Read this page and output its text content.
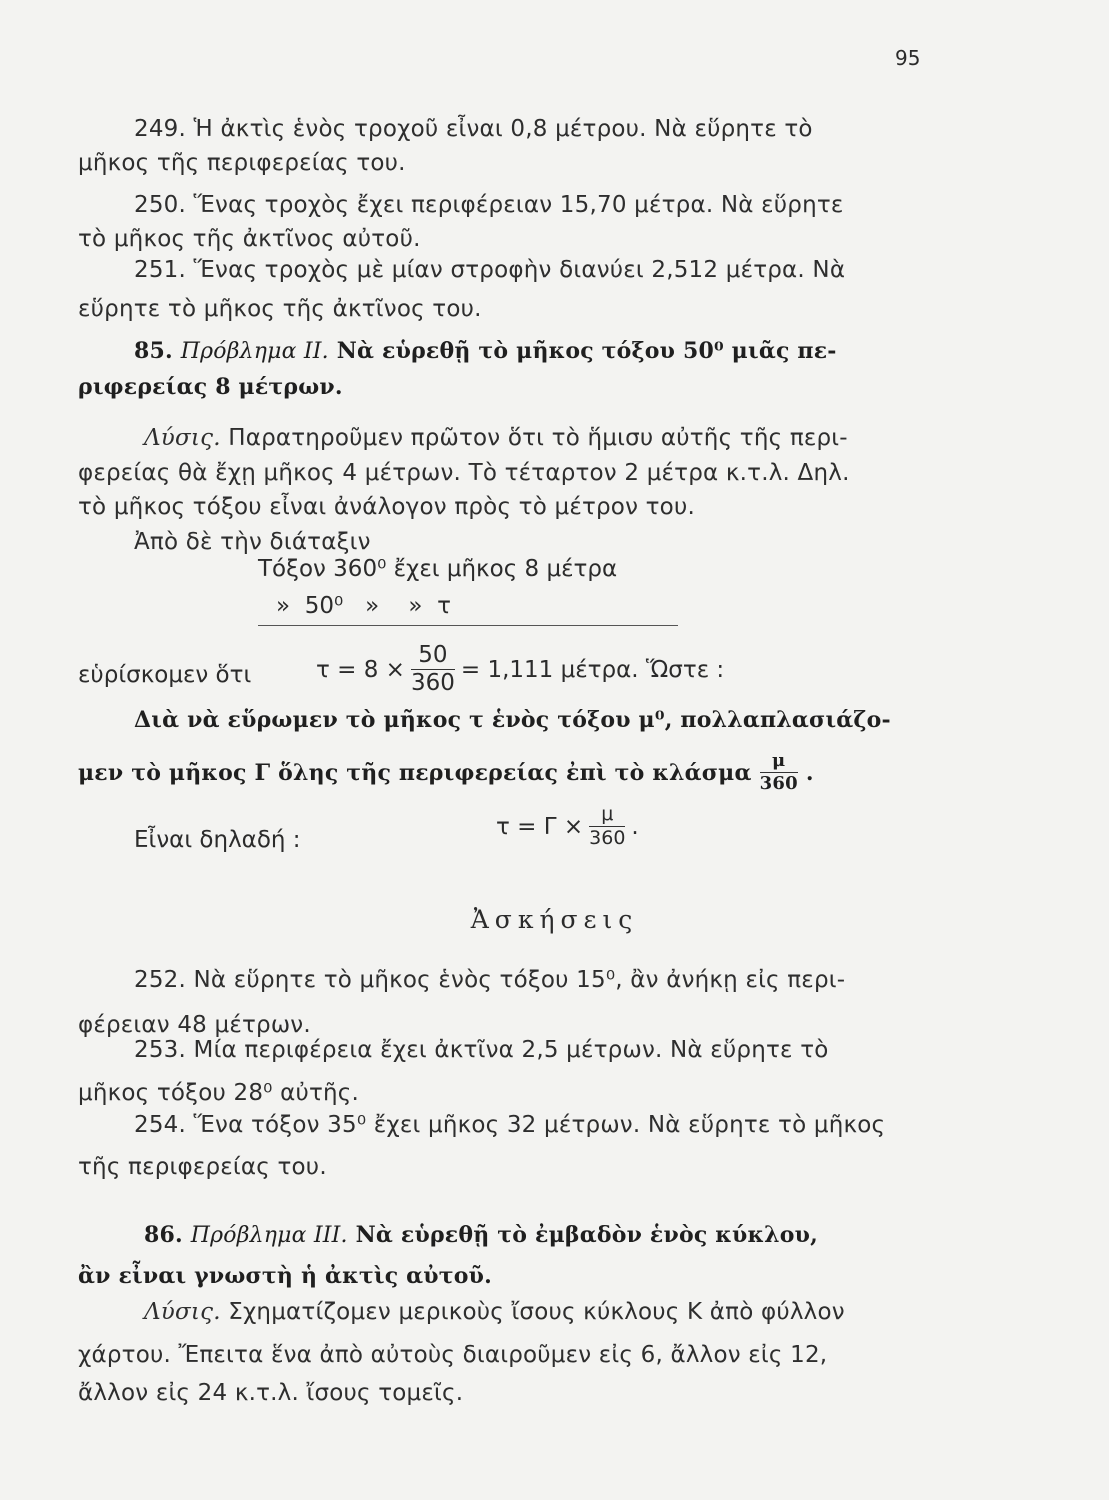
95
249. Ἡ ἀκτὶς ἑνὸς τροχοῦ εἶναι 0,8 μέτρου. Νὰ εὕρητε τὸ
μῆκος τῆς περιφερείας του.
250. Ἕνας τροχὸς ἔχει περιφέρειαν 15,70 μέτρα. Νὰ εὕρητε
τὸ μῆκος τῆς ἀκτῖνος αὐτοῦ.
251. Ἕνας τροχὸς μὲ μίαν στροφὴν διανύει 2,512 μέτρα. Νὰ
εὕρητε τὸ μῆκος τῆς ἀκτῖνος του.
85. Πρόβλημα ΙΙ. Νὰ εὑρεθῇ τὸ μῆκος τόξου 50⁰ μιᾶς πε-
ριφερείας 8 μέτρων.
Λύσις. Παρατηροῦμεν πρῶτον ὅτι τὸ ἥμισυ αὐτῆς τῆς περι-
φερείας θὰ ἔχῃ μῆκος 4 μέτρων. Τὸ τέταρτον 2 μέτρα κ.τ.λ. Δηλ.
τὸ μῆκος τόξου εἶναι ἀνάλογον πρὸς τὸ μέτρον του.
Ἀπὸ δὲ τὴν διάταξιν
Τόξον 360⁰ ἔχει μῆκος 8 μέτρα
»  50⁰   »    »  τ
εὑρίσκομεν ὅτι	$\tau = 8 \times \frac{50}{360} = 1,111$ μέτρα. Ὥστε :
Διὰ νὰ εὕρωμεν τὸ μῆκος τ ἑνὸς τόξου μ⁰, πολλαπλασιάζο-
μεν τὸ μῆκος Γ ὅλης τῆς περιφερείας ἐπὶ τὸ κλάσμα $\frac{\mu}{360}$ .
Εἶναι δηλαδή :
$\tau = \Gamma \times \frac{\mu}{360}$ .
Ἀσκήσεις
252. Νὰ εὕρητε τὸ μῆκος ἑνὸς τόξου 15⁰, ἂν ἀνήκῃ εἰς περι-
φέρειαν 48 μέτρων.
253. Μία περιφέρεια ἔχει ἀκτῖνα 2,5 μέτρων. Νὰ εὕρητε τὸ
μῆκος τόξου 28⁰ αὐτῆς.
254. Ἕνα τόξον 35⁰ ἔχει μῆκος 32 μέτρων. Νὰ εὕρητε τὸ μῆκος
τῆς περιφερείας του.
86. Πρόβλημα ΙΙΙ. Νὰ εὑρεθῇ τὸ ἐμβαδὸν ἑνὸς κύκλου,
ἂν εἶναι γνωστὴ ἡ ἀκτὶς αὐτοῦ.
Λύσις. Σχηματίζομεν μερικοὺς ἴσους κύκλους Κ ἀπὸ φύλλον
χάρτου. Ἔπειτα ἕνα ἀπὸ αὐτοὺς διαιροῦμεν εἰς 6, ἄλλον εἰς 12,
ἄλλον εἰς 24 κ.τ.λ. ἴσους τομεῖς.
